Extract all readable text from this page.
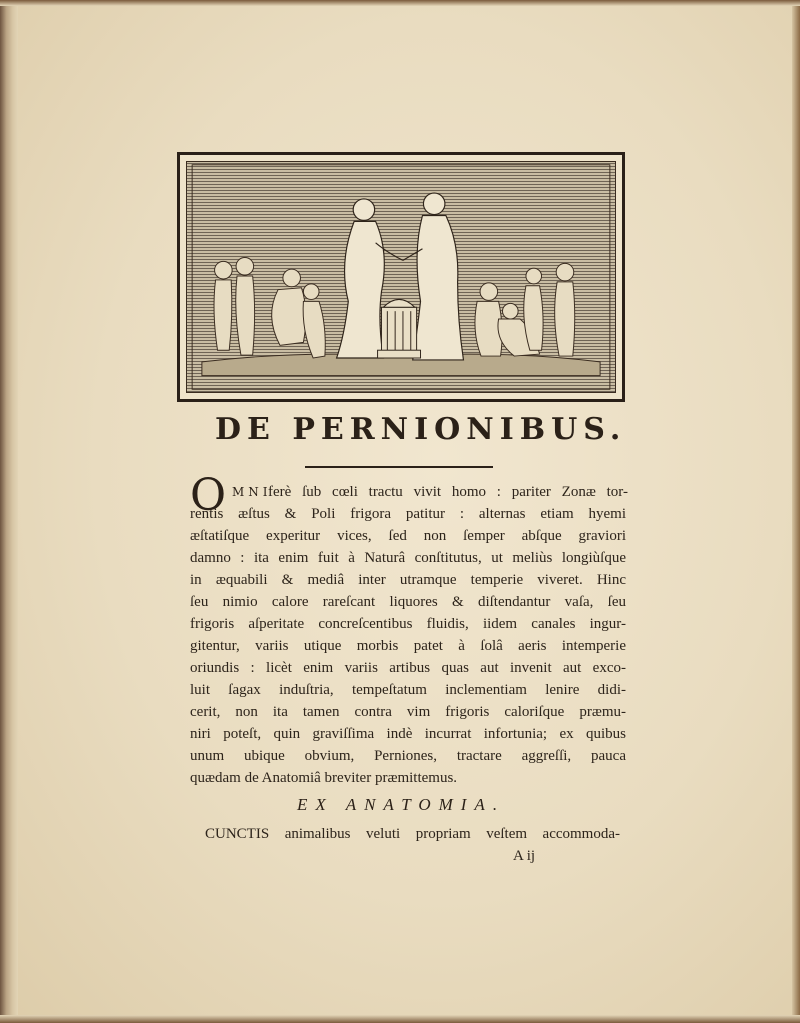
DE PERNIONIBUS.
O MNI
ferè ſub cœli tractu vivit homo : pariter Zonæ tor-
rentis æſtus & Poli frigora patitur : alternas etiam hyemi
æſtatiſque experitur vices, ſed non ſemper abſque graviori
damno : ita enim fuit à Naturâ conſtitutus, ut meliùs longiùſque
in æquabili & mediâ inter utramque temperie viveret. Hinc
ſeu nimio calore rareſcant liquores & diſtendantur vaſa, ſeu
frigoris aſperitate concreſcentibus fluidis, iidem canales ingur-
gitentur, variis utique morbis patet à ſolâ aeris intemperie
oriundis : licèt enim variis artibus quas aut invenit aut exco-
luit ſagax induſtria, tempeſtatum inclementiam lenire didi-
cerit, non ita tamen contra vim frigoris caloriſque præmu-
niri poteſt, quin graviſſima indè incurrat infortunia; ex quibus
unum ubique obvium, Perniones, tractare aggreſſi, pauca
quædam de Anatomiâ breviter præmittemus.
EX ANATOMIA.
CUNCTIS animalibus veluti propriam veſtem accommoda-
A ij
